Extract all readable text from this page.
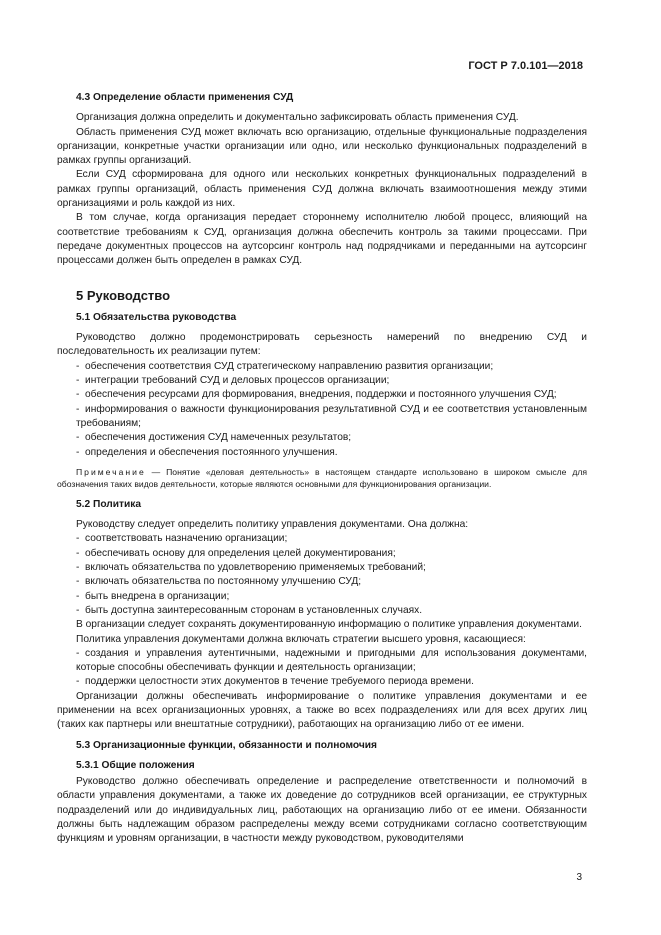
ГОСТ Р 7.0.101—2018
4.3 Определение области применения СУД

Организация должна определить и документально зафиксировать область применения СУД.

Область применения СУД может включать всю организацию, отдельные функциональные подразделения организации, конкретные участки организации или одно, или несколько функциональных подразделений в рамках группы организаций.

Если СУД сформирована для одного или нескольких конкретных функциональных подразделений в рамках группы организаций, область применения СУД должна включать взаимоотношения между этими организациями и роль каждой из них.

В том случае, когда организация передает стороннему исполнителю любой процесс, влияющий на соответствие требованиям к СУД, организация должна обеспечить контроль за такими процессами. При передаче документных процессов на аутсорсинг контроль над подрядчиками и переданными на аутсорсинг процессами должен быть определен в рамках СУД.

5 Руководство
5.1 Обязательства руководства

Руководство должно продемонстрировать серьезность намерений по внедрению СУД и последовательность их реализации путем:

- обеспечения соответствия СУД стратегическому направлению развития организации;

- интеграции требований СУД и деловых процессов организации;

- обеспечения ресурсами для формирования, внедрения, поддержки и постоянного улучшения СУД;

- информирования о важности функционирования результативной СУД и ее соответствия установленным требованиям;

- обеспечения достижения СУД намеченных результатов;

- определения и обеспечения постоянного улучшения.

Примечание — Понятие «деловая деятельность» в настоящем стандарте использовано в широком смысле для обозначения таких видов деятельности, которые являются основными для функционирования организации.
5.2 Политика

Руководству следует определить политику управления документами. Она должна:

- соответствовать назначению организации;

- обеспечивать основу для определения целей документирования;

- включать обязательства по удовлетворению применяемых требований;

- включать обязательства по постоянному улучшению СУД;

- быть внедрена в организации;

- быть доступна заинтересованным сторонам в установленных случаях.

В организации следует сохранять документированную информацию о политике управления документами.

Политика управления документами должна включать стратегии высшего уровня, касающиеся:

- создания и управления аутентичными, надежными и пригодными для использования документами, которые способны обеспечивать функции и деятельность организации;

- поддержки целостности этих документов в течение требуемого периода времени.

Организации должны обеспечивать информирование о политике управления документами и ее применении на всех организационных уровнях, а также во всех подразделениях или для всех других лиц (таких как партнеры или внештатные сотрудники), работающих на организацию либо от ее имени.

5.3 Организационные функции, обязанности и полномочия
5.3.1 Общие положения

Руководство должно обеспечивать определение и распределение ответственности и полномочий в области управления документами, а также их доведение до сотрудников всей организации, ее структурных подразделений или до индивидуальных лиц, работающих на организацию либо от ее имени. Обязанности должны быть надлежащим образом распределены между всеми сотрудниками согласно соответствующим функциям и уровням организации, в частности между руководством, руководителями

3
